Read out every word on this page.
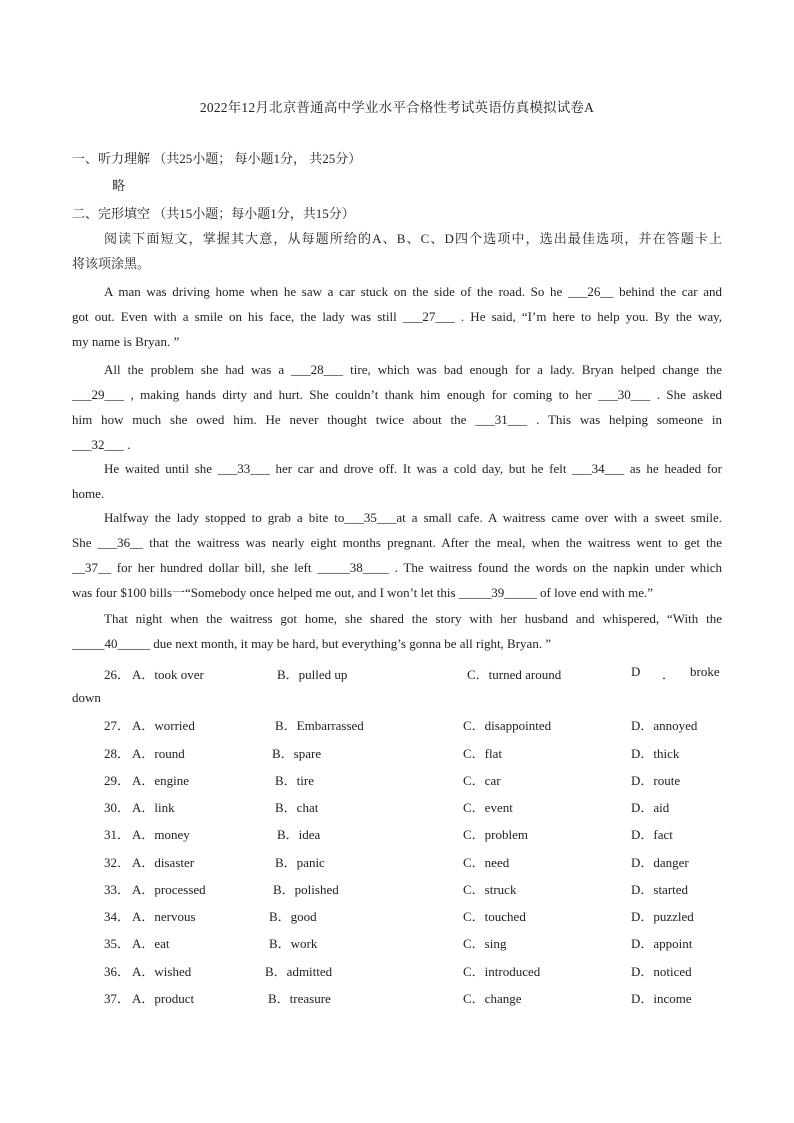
2022年12月北京普通高中学业水平合格性考试英语仿真模拟试卷A
一、听力理解 （共25小题； 每小题1分， 共25分）
略
二、完形填空 （共15小题；每小题1分，共15分）
阅读下面短文，掌握其大意，从每题所给的A、B、C、D四个选项中，选出最佳选项，并在答题卡上
将该项涂黑。
A man was driving home when he saw a car stuck on the side of the road. So he ___26__ behind the car and
got out. Even with a smile on his face, the lady was still ___27___ . He said, “I’m here to help you. By the way,
my name is Bryan. ”
All the problem she had was a ___28___ tire, which was bad enough for a lady. Bryan helped change the
___29___ , making hands dirty and hurt. She couldn’t thank him enough for coming to her ___30___ . She asked
him how much she owed him. He never thought twice about the ___31___ . This was helping someone in
___32___ .
He waited until she ___33___ her car and drove off. It was a cold day, but he felt ___34___ as he headed for
home.
Halfway the lady stopped to grab a bite to___35___at a small cafe. A waitress came over with a sweet smile.
She ___36__ that the waitress was nearly eight months pregnant. After the meal, when the waitress went to get the
__37__ for her hundred dollar bill, she left _____38____ . The waitress found the words on the napkin under which
was four $100 bills一“Somebody once helped me out, and I won’t let this _____39_____ of love end with me.”
That night when the waitress got home, she shared the story with her husband and whispered, “With the
_____40_____ due next month, it may be hard, but everything’s gonna be all right, Bryan. ”
26． A．took over	B．pulled up	C．turned around	D ． broke
down
27． A．worried	B．Embarrassed	C．disappointed	D．annoyed
28． A．round	B．spare	C．flat	D．thick
29． A．engine	B．tire	C．car	D．route
30． A．link	B．chat	C．event	D．aid
31． A．money	B．idea	C．problem	D．fact
32． A．disaster	B．panic	C．need	D．danger
33． A．processed	B．polished	C．struck	D．started
34． A．nervous	B．good	C．touched	D．puzzled
35． A．eat	B．work	C．sing	D．appoint
36． A．wished	B．admitted	C．introduced	D．noticed
37． A．product	B．treasure	C．change	D．income
